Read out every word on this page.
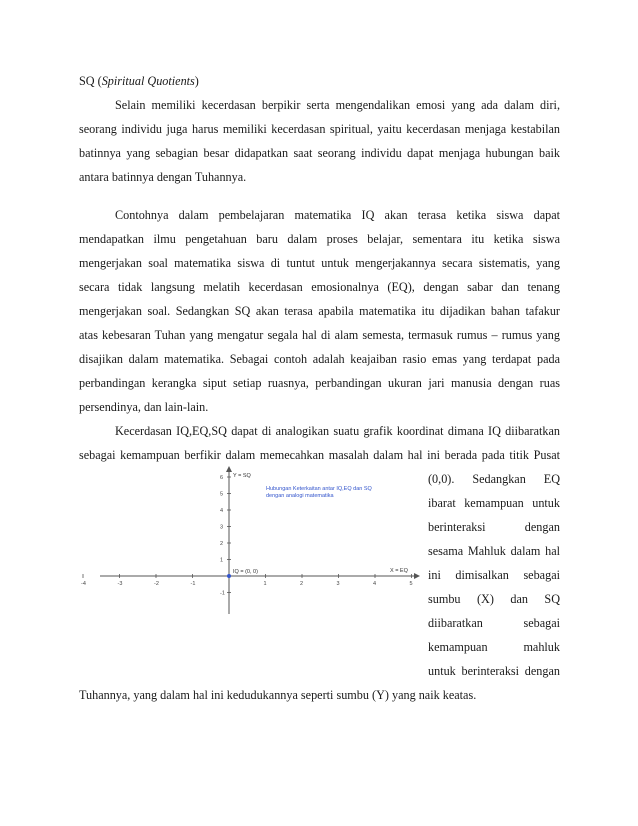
SQ (Spiritual Quotients)
Selain memiliki kecerdasan berpikir serta mengendalikan emosi yang ada dalam diri,
seorang individu juga harus memiliki kecerdasan spiritual, yaitu kecerdasan menjaga kestabilan
batinnya yang sebagian besar didapatkan saat seorang individu dapat menjaga hubungan baik
antara batinnya dengan Tuhannya.
Contohnya dalam pembelajaran matematika IQ akan terasa ketika siswa dapat
mendapatkan ilmu pengetahuan baru dalam proses belajar, sementara itu ketika siswa
mengerjakan soal matematika siswa di tuntut untuk mengerjakannya secara sistematis, yang
secara tidak langsung melatih kecerdasan emosionalnya (EQ), dengan sabar dan tenang
mengerjakan soal. Sedangkan SQ akan terasa apabila matematika itu dijadikan bahan tafakur
atas kebesaran Tuhan yang mengatur segala hal di alam semesta, termasuk rumus – rumus yang
disajikan dalam matematika. Sebagai contoh adalah keajaiban rasio emas yang terdapat pada
perbandingan kerangka siput setiap ruasnya, perbandingan ukuran jari manusia dengan ruas
persendinya, dan lain-lain.
Kecerdasan IQ,EQ,SQ dapat di analogikan suatu grafik koordinat dimana IQ diibaratkan
sebagai kemampuan berfikir dalam memecahkan masalah dalam hal ini berada pada titik Pusat
(0,0). Sedangkan EQ
ibarat kemampuan untuk
berinteraksi dengan
sesama Mahluk dalam hal
ini dimisalkan sebagai
sumbu (X) dan SQ
diibaratkan sebagai
kemampuan mahluk
untuk berinteraksi dengan
Tuhannya, yang dalam hal ini kedudukannya seperti sumbu (Y) yang naik keatas.
-4	-3	-2	-1	1	2	3	4	5
6
5
4
3
2
1
-1
IQ = (0, 0)
Y = SQ
X = EQ
Hubungan Keterkaitan antar IQ,EQ dan SQ
dengan analogi matematika
